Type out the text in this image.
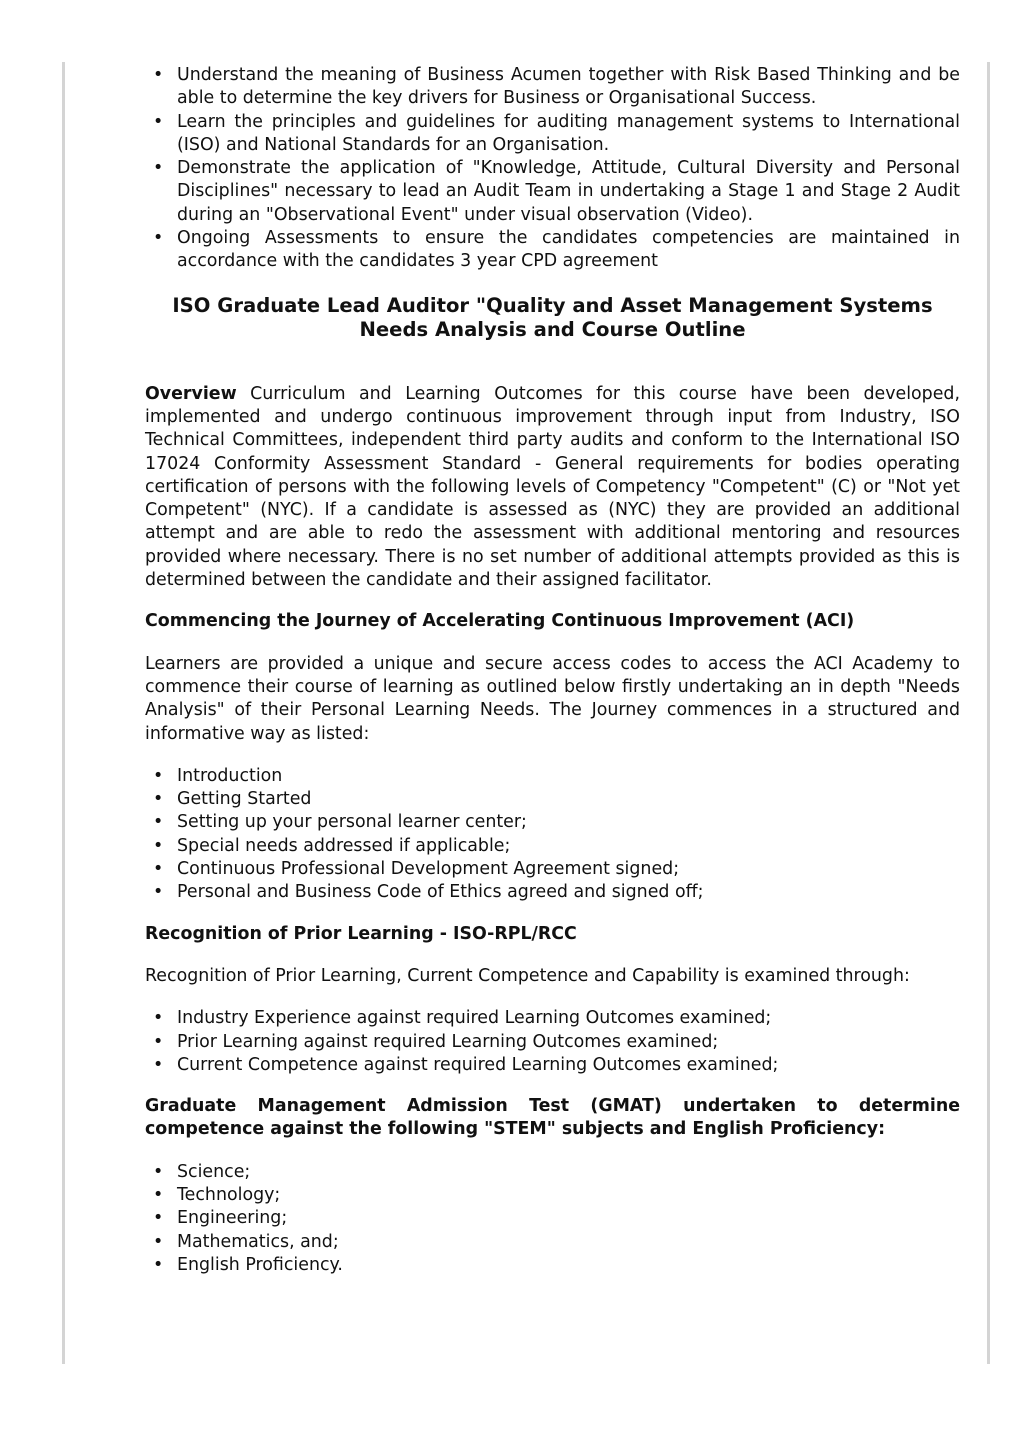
• Understand the meaning of Business Acumen together with Risk Based Thinking and be able to determine the key drivers for Business or Organisational Success.
• Learn the principles and guidelines for auditing management systems to International (ISO) and National Standards for an Organisation.
• Demonstrate the application of "Knowledge, Attitude, Cultural Diversity and Personal Disciplines" necessary to lead an Audit Team in undertaking a Stage 1 and Stage 2 Audit during an "Observational Event" under visual observation (Video).
• Ongoing Assessments to ensure the candidates competencies are maintained in accordance with the candidates 3 year CPD agreement
ISO Graduate Lead Auditor "Quality and Asset Management Systems
Needs Analysis and Course Outline

Overview Curriculum and Learning Outcomes for this course have been developed, implemented and undergo continuous improvement through input from Industry, ISO Technical Committees, independent third party audits and conform to the International ISO 17024 Conformity Assessment Standard - General requirements for bodies operating certification of persons with the following levels of Competency "Competent" (C) or "Not yet Competent" (NYC). If a candidate is assessed as (NYC) they are provided an additional attempt and are able to redo the assessment with additional mentoring and resources provided where necessary. There is no set number of additional attempts provided as this is determined between the candidate and their assigned facilitator.

Commencing the Journey of Accelerating Continuous Improvement (ACI)

Learners are provided a unique and secure access codes to access the ACI Academy to commence their course of learning as outlined below firstly undertaking an in depth "Needs Analysis" of their Personal Learning Needs. The Journey commences in a structured and informative way as listed:

• Introduction
• Getting Started
• Setting up your personal learner center;
• Special needs addressed if applicable;
• Continuous Professional Development Agreement signed;
• Personal and Business Code of Ethics agreed and signed off;

Recognition of Prior Learning - ISO-RPL/RCC

Recognition of Prior Learning, Current Competence and Capability is examined through:

• Industry Experience against required Learning Outcomes examined;
• Prior Learning against required Learning Outcomes examined;
• Current Competence against required Learning Outcomes examined;

Graduate Management Admission Test (GMAT) undertaken to determine competence against the following "STEM" subjects and English Proficiency:

• Science;
• Technology;
• Engineering;
• Mathematics, and;
• English Proficiency.
